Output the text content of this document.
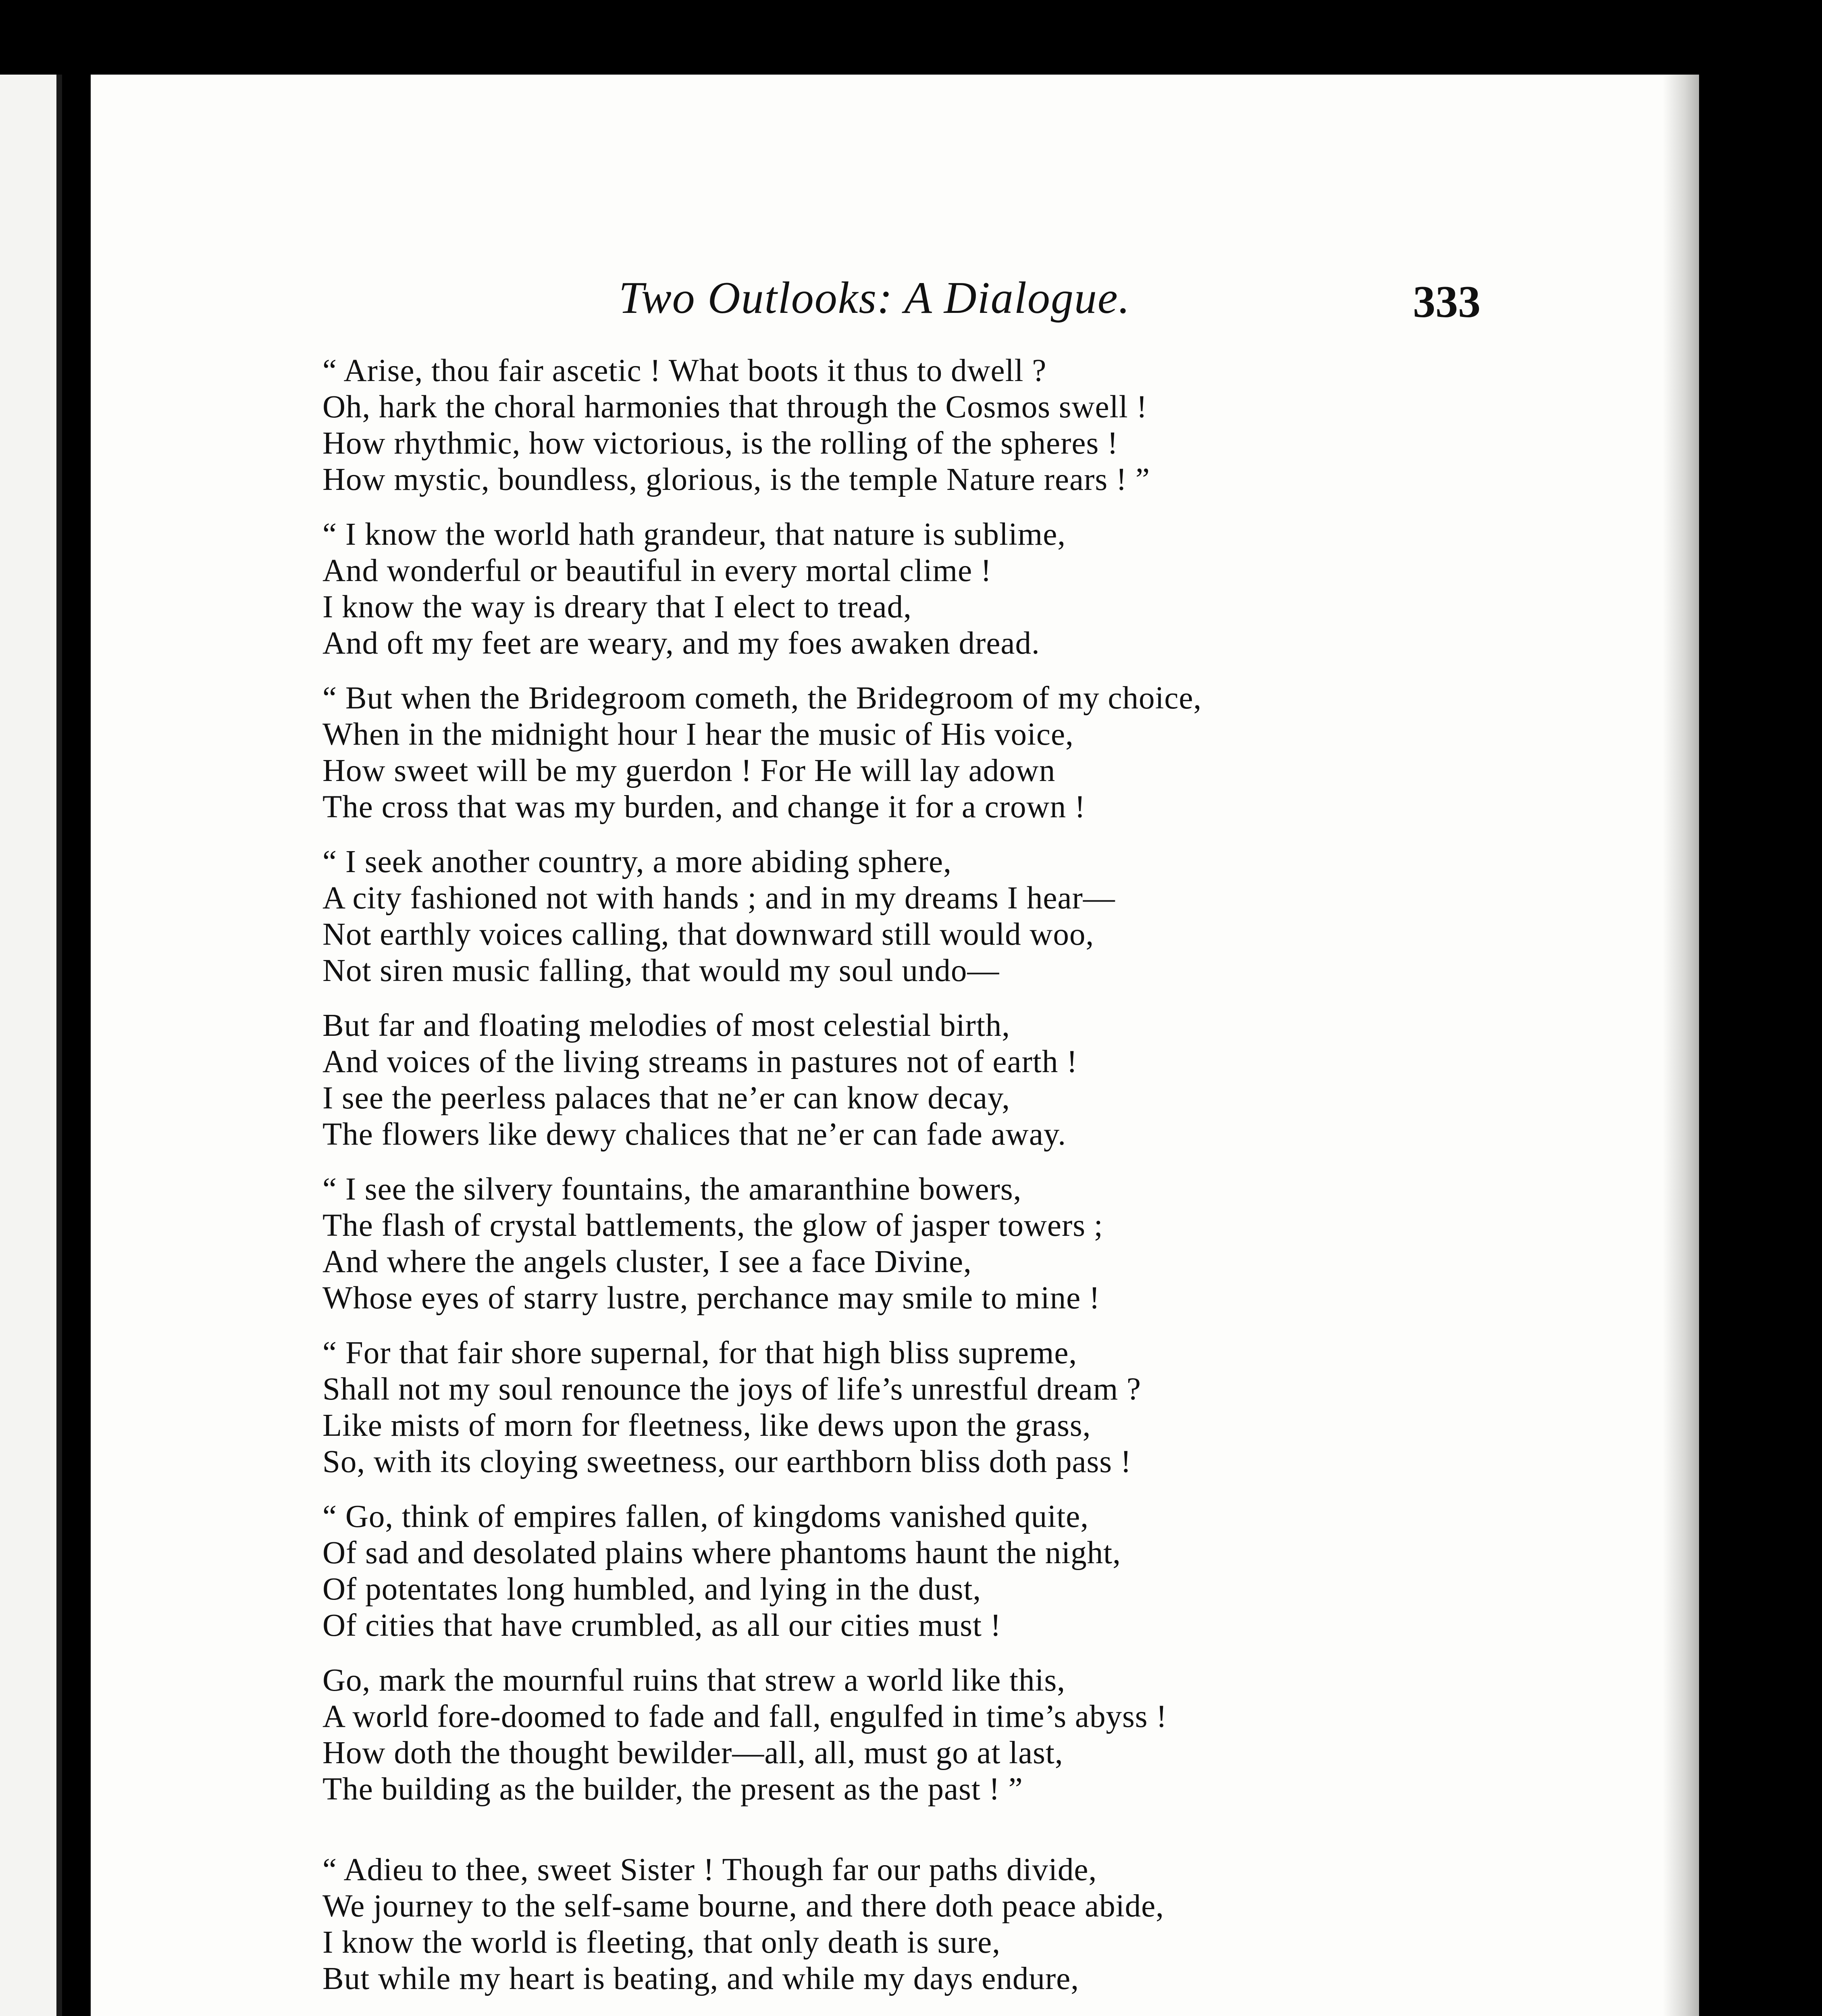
Two Outlooks: A Dialogue.	333
“ Arise, thou fair ascetic ! What boots it thus to dwell ?
Oh, hark the choral harmonies that through the Cosmos swell !
How rhythmic, how victorious, is the rolling of the spheres !
How mystic, boundless, glorious, is the temple Nature rears ! ”
“ I know the world hath grandeur, that nature is sublime,
And wonderful or beautiful in every mortal clime !
I know the way is dreary that I elect to tread,
And oft my feet are weary, and my foes awaken dread.
“ But when the Bridegroom cometh, the Bridegroom of my choice,
When in the midnight hour I hear the music of His voice,
How sweet will be my guerdon ! For He will lay adown
The cross that was my burden, and change it for a crown !
“ I seek another country, a more abiding sphere,
A city fashioned not with hands ; and in my dreams I hear—
Not earthly voices calling, that downward still would woo,
Not siren music falling, that would my soul undo—
But far and floating melodies of most celestial birth,
And voices of the living streams in pastures not of earth !
I see the peerless palaces that ne’er can know decay,
The flowers like dewy chalices that ne’er can fade away.
“ I see the silvery fountains, the amaranthine bowers,
The flash of crystal battlements, the glow of jasper towers ;
And where the angels cluster, I see a face Divine,
Whose eyes of starry lustre, perchance may smile to mine !
“ For that fair shore supernal, for that high bliss supreme,
Shall not my soul renounce the joys of life’s unrestful dream ?
Like mists of morn for fleetness, like dews upon the grass,
So, with its cloying sweetness, our earthborn bliss doth pass !
“ Go, think of empires fallen, of kingdoms vanished quite,
Of sad and desolated plains where phantoms haunt the night,
Of potentates long humbled, and lying in the dust,
Of cities that have crumbled, as all our cities must !
Go, mark the mournful ruins that strew a world like this,
A world fore-doomed to fade and fall, engulfed in time’s abyss !
How doth the thought bewilder—all, all, must go at last,
The building as the builder, the present as the past ! ”
“ Adieu to thee, sweet Sister ! Though far our paths divide,
We journey to the self-same bourne, and there doth peace abide,
I know the world is fleeting, that only death is sure,
But while my heart is beating, and while my days endure,
